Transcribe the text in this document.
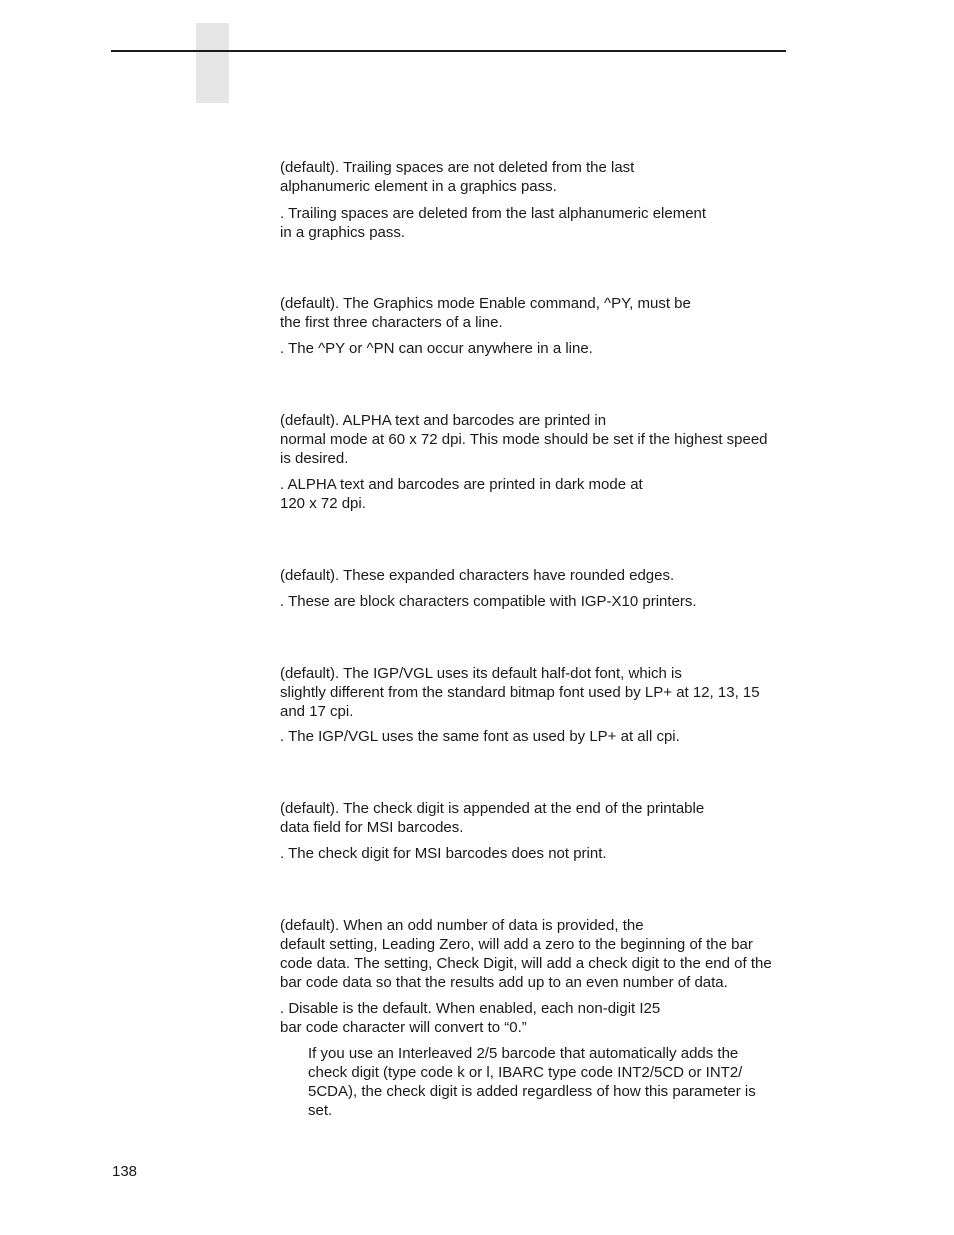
(default). Trailing spaces are not deleted from the last
alphanumeric element in a graphics pass.

. Trailing spaces are deleted from the last alphanumeric element
in a graphics pass.

(default). The Graphics mode Enable command, ^PY, must be
the first three characters of a line.

. The ^PY or ^PN can occur anywhere in a line.

(default). ALPHA text and barcodes are printed in
normal mode at 60 x 72 dpi. This mode should be set if the highest speed
is desired.

. ALPHA text and barcodes are printed in dark mode at
120 x 72 dpi.

(default). These expanded characters have rounded edges.

. These are block characters compatible with IGP-X10 printers.

(default). The IGP/VGL uses its default half-dot font, which is
slightly different from the standard bitmap font used by LP+ at 12, 13, 15
and 17 cpi.

. The IGP/VGL uses the same font as used by LP+ at all cpi.

(default). The check digit is appended at the end of the printable
data field for MSI barcodes.

. The check digit for MSI barcodes does not print.

(default). When an odd number of data is provided, the
default setting, Leading Zero, will add a zero to the beginning of the bar
code data. The setting, Check Digit, will add a check digit to the end of the
bar code data so that the results add up to an even number of data.

. Disable is the default. When enabled, each non-digit I25
bar code character will convert to “0.”

If you use an Interleaved 2/5 barcode that automatically adds the
check digit (type code k or l, IBARC type code INT2/5CD or INT2/
5CDA), the check digit is added regardless of how this parameter is
set.

138
